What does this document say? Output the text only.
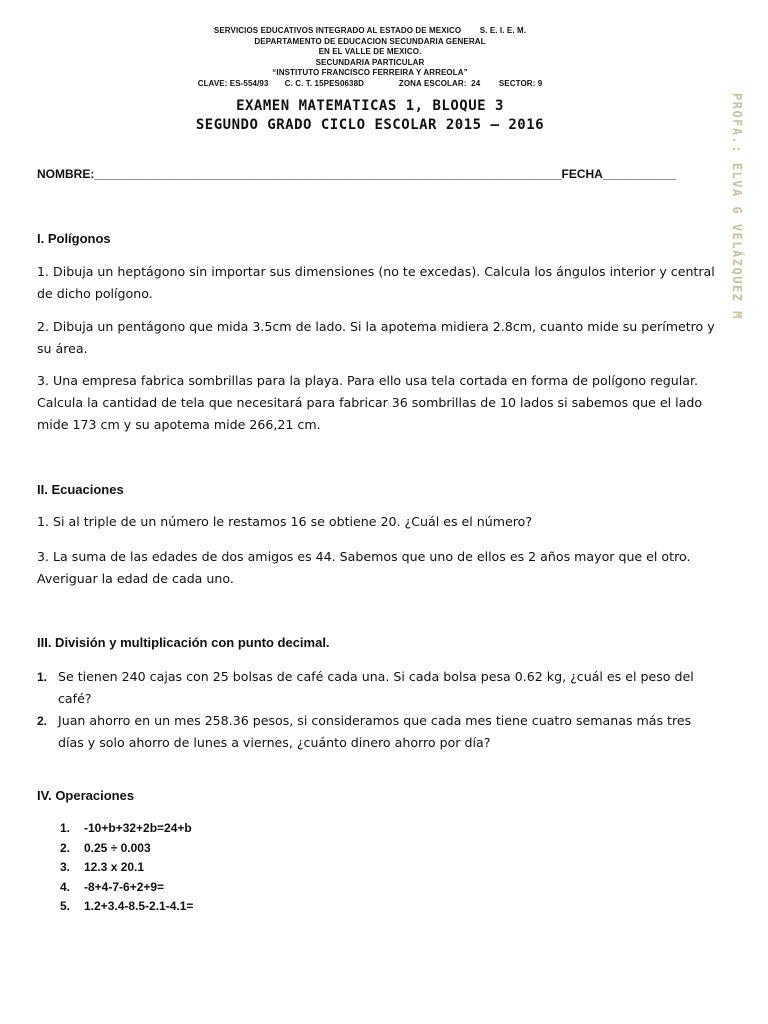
SERVICIOS EDUCATIVOS INTEGRADO AL ESTADO DE MEXICO        S. E. I. E. M.
DEPARTAMENTO DE EDUCACION SECUNDARIA GENERAL
EN EL VALLE DE MEXICO.
SECUNDARIA PARTICULAR
“INSTITUTO FRANCISCO FERREIRA Y ARREOLA”
CLAVE: ES-554/93       C. C. T. 15PES0638D               ZONA ESCOLAR:  24        SECTOR: 9
EXAMEN MATEMATICAS 1, BLOQUE 3
SEGUNDO GRADO CICLO ESCOLAR 2015 – 2016	PROFA.: ELVA G VELÁZQUEZ M
NOMBRE:______________________________________________________________________FECHA___________
I. Polígonos
1. Dibuja un heptágono sin importar sus dimensiones (no te excedas). Calcula los ángulos interior y central de dicho polígono.
2. Dibuja un pentágono que mida 3.5cm de lado. Si la apotema midiera 2.8cm, cuanto mide su perímetro y su área.
3. Una empresa fabrica sombrillas para la playa. Para ello usa tela cortada en forma de polígono regular. Calcula la cantidad de tela que necesitará para fabricar 36 sombrillas de 10 lados si sabemos que el lado mide 173 cm y su apotema mide 266,21 cm.
II. Ecuaciones
1. Si al triple de un número le restamos 16 se obtiene 20. ¿Cuál es el número?
3. La suma de las edades de dos amigos es 44. Sabemos que uno de ellos es 2 años mayor que el otro. Averiguar la edad de cada uno.
III. División y multiplicación con punto decimal.
1. Se tienen 240 cajas con 25 bolsas de café cada una. Si cada bolsa pesa 0.62 kg, ¿cuál es el peso del café?
2. Juan ahorro en un mes 258.36 pesos, si consideramos que cada mes tiene cuatro semanas más tres días y solo ahorro de lunes a viernes, ¿cuánto dinero ahorro por día?
IV. Operaciones
1. -10+b+32+2b=24+b
2. 0.25 ÷ 0.003
3. 12.3 x 20.1
4. -8+4-7-6+2+9=
5. 1.2+3.4-8.5-2.1-4.1=
